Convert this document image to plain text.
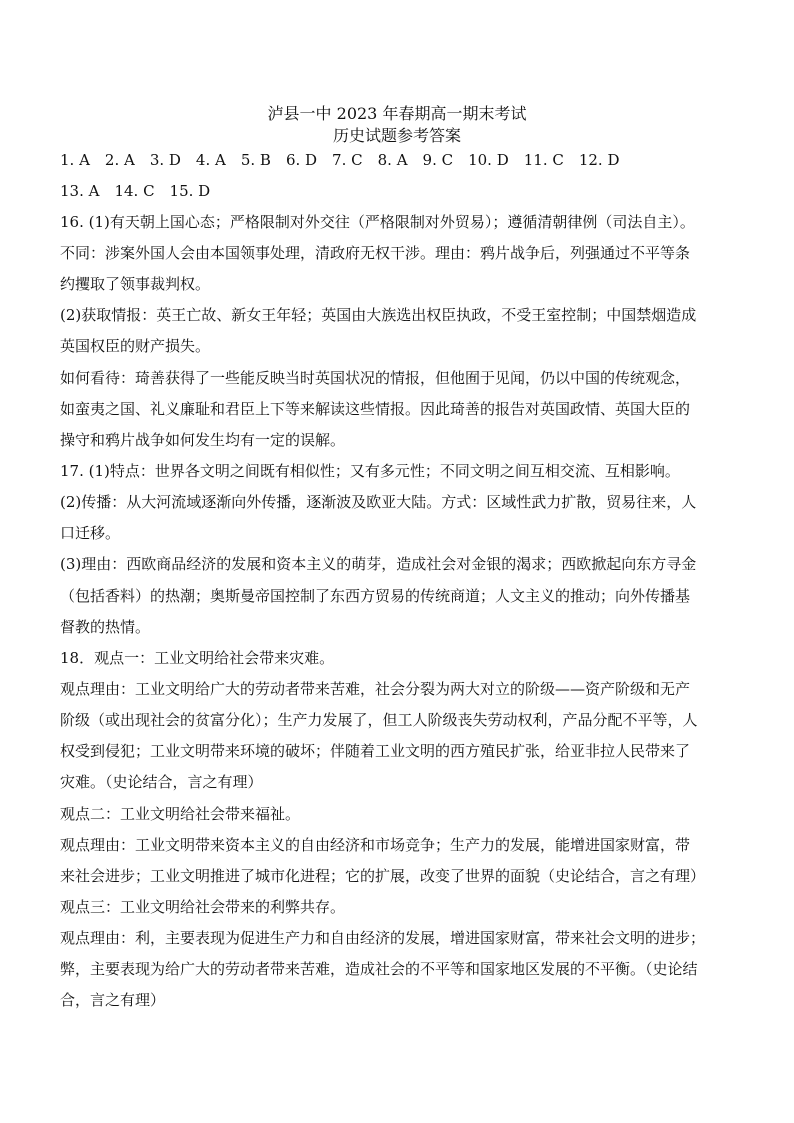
泸县一中 2023 年春期高一期末考试
历史试题参考答案
1. A　2. A　3. D　4. A　5. B　6. D　7. C　8. A　9. C　10. D　11. C　12. D
13. A　14. C　15. D
16. (1)有天朝上国心态；严格限制对外交往（严格限制对外贸易）；遵循清朝律例（司法自主）。
不同：涉案外国人会由本国领事处理，清政府无权干涉。理由：鸦片战争后，列强通过不平等条
约攫取了领事裁判权。
(2)获取情报：英王亡故、新女王年轻；英国由大族选出权臣执政，不受王室控制；中国禁烟造成
英国权臣的财产损失。
如何看待：琦善获得了一些能反映当时英国状况的情报，但他囿于见闻，仍以中国的传统观念，
如蛮夷之国、礼义廉耻和君臣上下等来解读这些情报。因此琦善的报告对英国政情、英国大臣的
操守和鸦片战争如何发生均有一定的误解。
17. (1)特点：世界各文明之间既有相似性；又有多元性；不同文明之间互相交流、互相影响。
(2)传播：从大河流域逐渐向外传播，逐渐波及欧亚大陆。方式：区域性武力扩散，贸易往来，人
口迁移。
(3)理由：西欧商品经济的发展和资本主义的萌芽，造成社会对金银的渴求；西欧掀起向东方寻金
（包括香料）的热潮；奥斯曼帝国控制了东西方贸易的传统商道；人文主义的推动；向外传播基
督教的热情。
18．观点一：工业文明给社会带来灾难。
观点理由：工业文明给广大的劳动者带来苦难，社会分裂为两大对立的阶级——资产阶级和无产
阶级（或出现社会的贫富分化）；生产力发展了，但工人阶级丧失劳动权利，产品分配不平等，人
权受到侵犯；工业文明带来环境的破坏；伴随着工业文明的西方殖民扩张，给亚非拉人民带来了
灾难。（史论结合，言之有理）
观点二：工业文明给社会带来福祉。
观点理由：工业文明带来资本主义的自由经济和市场竞争；生产力的发展，能增进国家财富，带
来社会进步；工业文明推进了城市化进程；它的扩展，改变了世界的面貌（史论结合，言之有理）
观点三：工业文明给社会带来的利弊共存。
观点理由：利，主要表现为促进生产力和自由经济的发展，增进国家财富，带来社会文明的进步；
弊，主要表现为给广大的劳动者带来苦难，造成社会的不平等和国家地区发展的不平衡。（史论结
合，言之有理）
